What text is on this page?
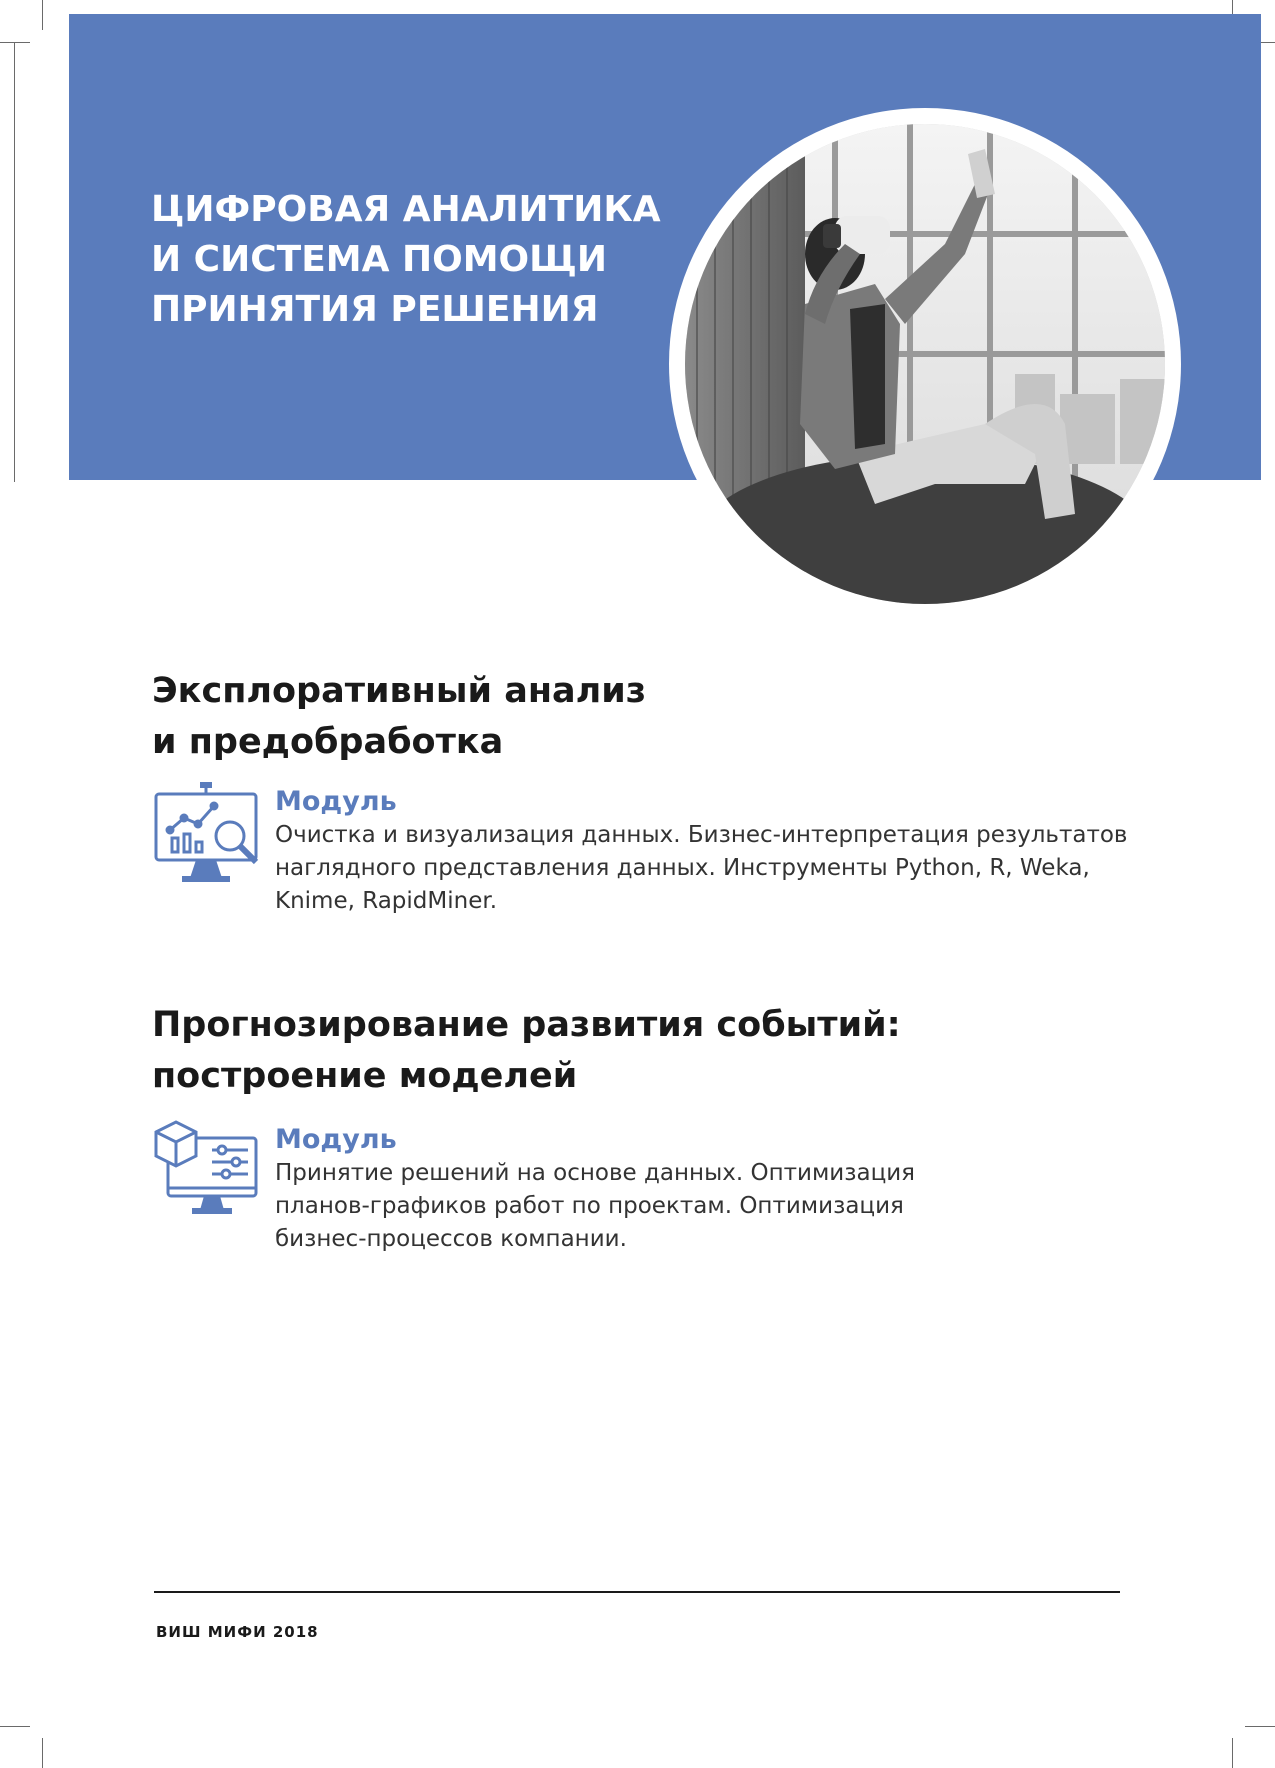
ЦИФРОВАЯ АНАЛИТИКА
И СИСТЕМА ПОМОЩИ
ПРИНЯТИЯ РЕШЕНИЯ
Эксплоративный анализ
и предобработка

Модуль

Очистка и визуализация данных. Бизнес-интерпретация результатов
наглядного представления данных. Инструменты Python, R, Weka,
Knime, RapidMiner.

Прогнозирование развития событий:
построение моделей

Модуль

Принятие решений на основе данных. Оптимизация
планов-графиков работ по проектам. Оптимизация
бизнес-процессов компании.

ВИШ МИФИ 2018
